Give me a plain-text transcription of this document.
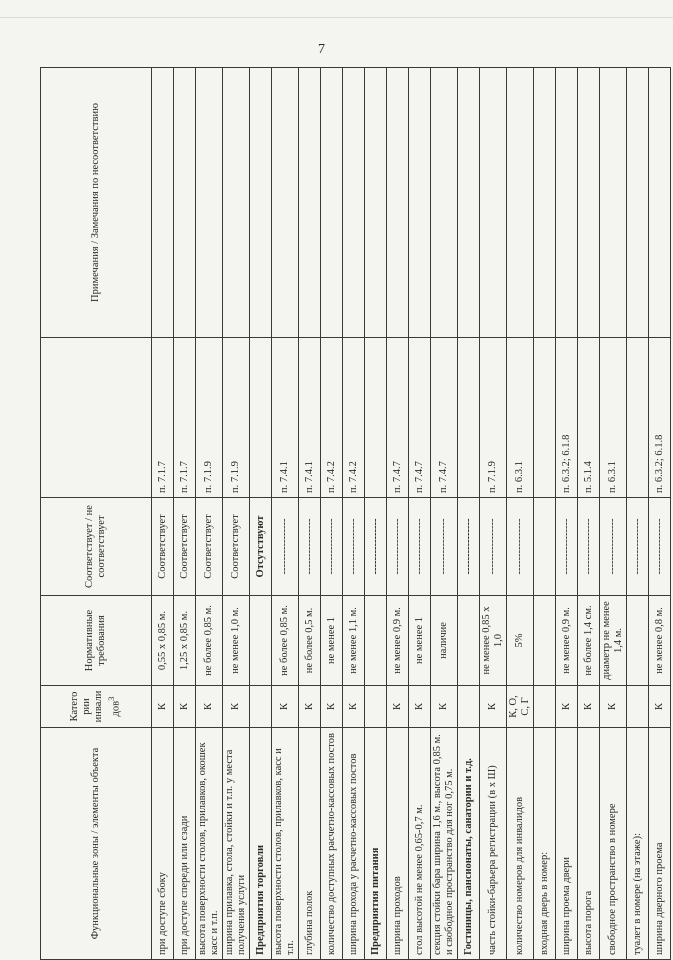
7
Функциональные зоны / элементы объекта	Категории инвалидов$^3$	Нормативные требования	Соответствует / не соответствует		Примечания / Замечания по несоответствию
при доступе сбоку	К	0,55 x 0,85 м.	Соответствует	п. 7.1.7	
при доступе спереди или сзади	К	1,25 x 0,85 м.	Соответствует	п. 7.1.7	
высота поверхности столов, прилавков, окошек касс и т.п.	К	не более 0,85 м.	Соответствует	п. 7.1.9	
ширина прилавка, стола, стойки и т.п. у места получения услуги	К	не менее 1,0 м.	Соответствует	п. 7.1.9	
Предприятия торговли			Отсутствуют		
высота поверхности столов, прилавков, касс и т.п.	К	не более 0,85 м.	----------------	п. 7.4.1	
глубина полок	К	не более 0,5 м.	----------------	п. 7.4.1	
количество доступных расчетно-кассовых постов	К	не менее 1	----------------	п. 7.4.2	
ширина прохода у расчетно-кассовых постов	К	не менее 1,1 м.	----------------	п. 7.4.2	
Предприятия питания			----------------		
ширина проходов	К	не менее 0,9 м.	----------------	п. 7.4.7	
стол высотой не менее 0,65-0,7 м.	К	не менее 1	----------------	п. 7.4.7	
секция стойки бара ширина 1,6 м., высота 0,85 м. и свободное пространство для ног 0,75 м.	К	наличие	----------------	п. 7.4.7	
Гостиницы, пансионаты, санатории и т.д.			----------------		
часть стойки-барьера регистрации (в х Ш)	К	не менее 0,85 х 1,0	----------------	п. 7.1.9	
количество номеров для инвалидов	К, О, С, Г	5%	----------------	п. 6.3.1	
входная дверь в номер:					
ширина проема двери	К	не менее 0,9 м.	----------------	п. 6.3.2; 6.1.8	
высота порога	К	не более 1,4 см.	----------------	п. 5.1.4	
свободное пространство в номере	К	диаметр не менее 1,4 м.	----------------	п. 6.3.1	
туалет в номере (на этаже):			----------------		
ширина дверного проема	К	не менее 0,8 м.	----------------	п. 6.3.2; 6.1.8	
